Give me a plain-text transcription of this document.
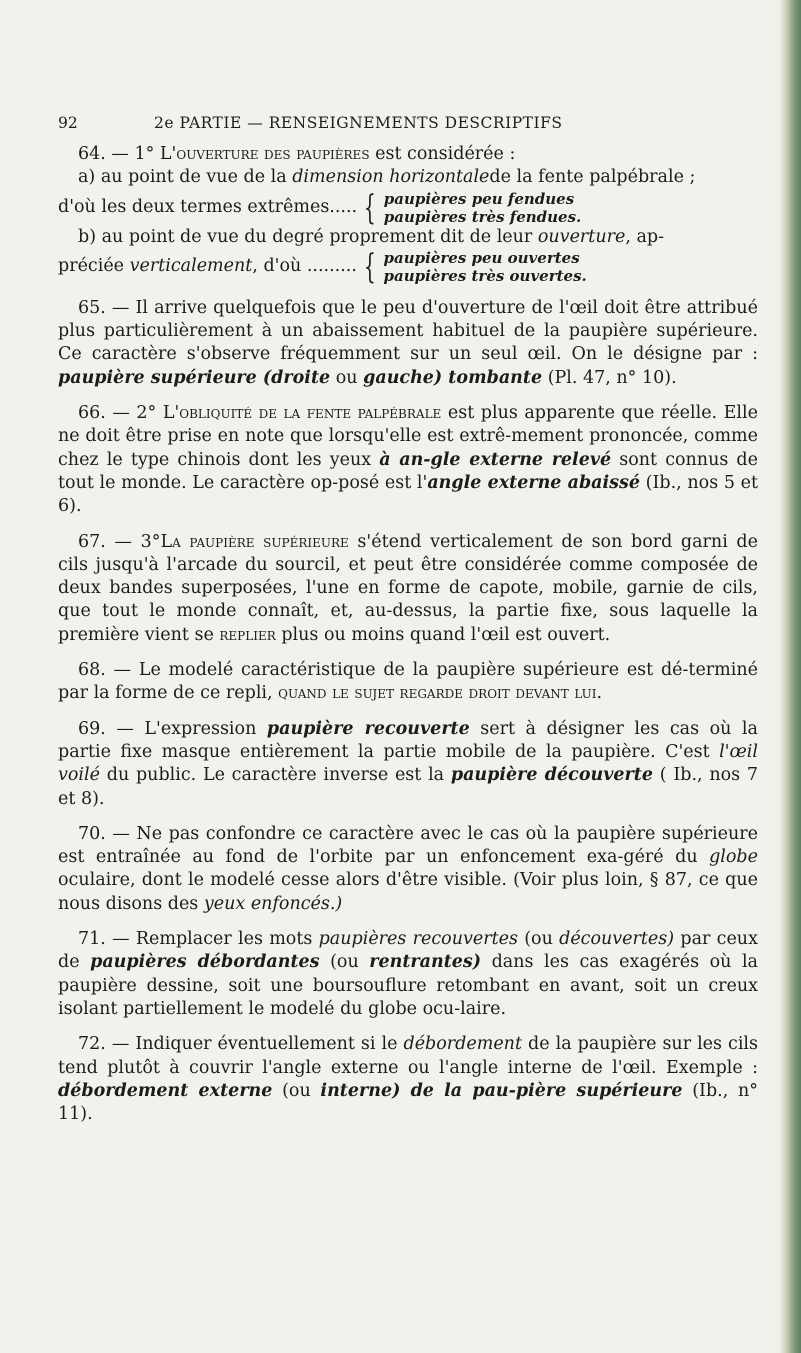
92	2e PARTIE — RENSEIGNEMENTS DESCRIPTIFS

64. — 1° L'ouverture des paupières est considérée :

a) au point de vue de la dimension horizontalede la fente palpébrale ;

d'où les deux termes extrêmes..... { paupières peu fendues
paupières très fendues.

b) au point de vue du degré proprement dit de leur ouverture, ap-

préciée verticalement, d'où ......... { paupières peu ouvertes
paupières très ouvertes.

65. — Il arrive quelquefois que le peu d'ouverture de l'œil doit être attribué plus particulièrement à un abaissement habituel de la paupière supérieure. Ce caractère s'observe fréquemment sur un seul œil. On le désigne par : paupière supérieure (droite ou gauche) tombante (Pl. 47, n° 10).

66. — 2° L'obliquité de la fente palpébrale est plus apparente que réelle. Elle ne doit être prise en note que lorsqu'elle est extrê-mement prononcée, comme chez le type chinois dont les yeux à an-gle externe relevé sont connus de tout le monde. Le caractère op-posé est l'angle externe abaissé (Ib., nos 5 et 6).

67. — 3°La paupière supérieure s'étend verticalement de son bord garni de cils jusqu'à l'arcade du sourcil, et peut être considérée comme composée de deux bandes superposées, l'une en forme de capote, mobile, garnie de cils, que tout le monde connaît, et, au-dessus, la partie fixe, sous laquelle la première vient se replier plus ou moins quand l'œil est ouvert.

68. — Le modelé caractéristique de la paupière supérieure est dé-terminé par la forme de ce repli, quand le sujet regarde droit devant lui.

69. — L'expression paupière recouverte sert à désigner les cas où la partie fixe masque entièrement la partie mobile de la paupière. C'est l'œil voilé du public. Le caractère inverse est la paupière découverte ( Ib., nos 7 et 8).

70. — Ne pas confondre ce caractère avec le cas où la paupière supérieure est entraînée au fond de l'orbite par un enfoncement exa-géré du globe oculaire, dont le modelé cesse alors d'être visible. (Voir plus loin, § 87, ce que nous disons des yeux enfoncés.)

71. — Remplacer les mots paupières recouvertes (ou découvertes) par ceux de paupières débordantes (ou rentrantes) dans les cas exagérés où la paupière dessine, soit une boursouflure retombant en avant, soit un creux isolant partiellement le modelé du globe ocu-laire.

72. — Indiquer éventuellement si le débordement de la paupière sur les cils tend plutôt à couvrir l'angle externe ou l'angle interne de l'œil. Exemple : débordement externe (ou interne) de la pau-pière supérieure (Ib., n° 11).
